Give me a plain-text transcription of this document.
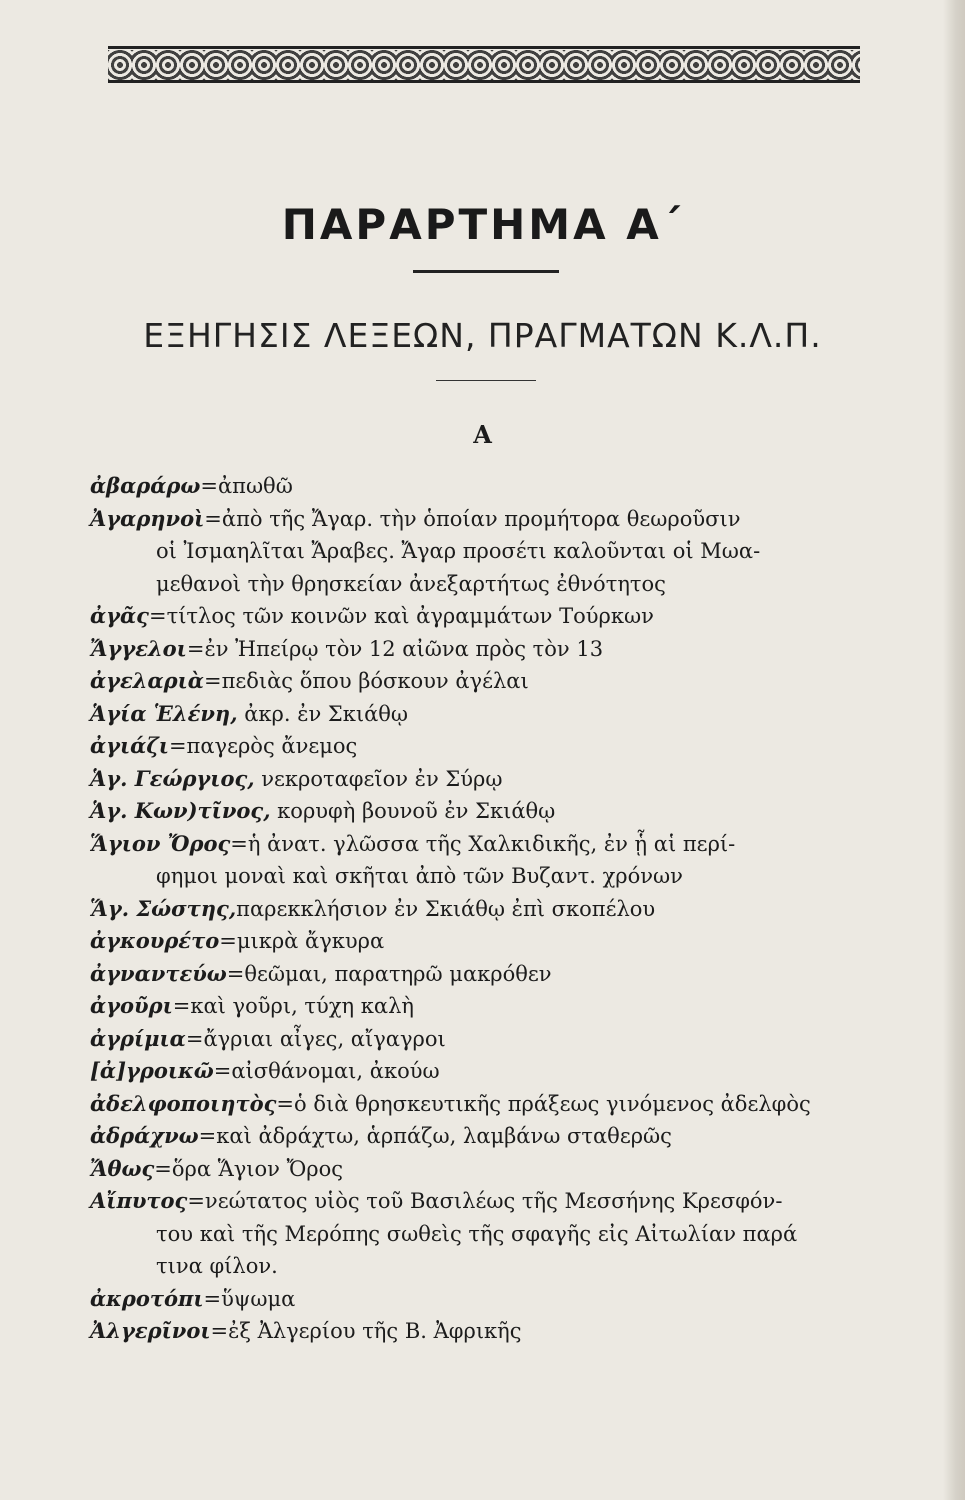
ΠΑΡΑΡΤΗΜΑ Α΄
ΕΞΗΓΗΣΙΣ ΛΕΞΕΩΝ, ΠΡΑΓΜΑΤΩΝ Κ.Λ.Π.
Α

ἀβαράρω=ἀπωθῶ

Ἀγαρηνοὶ=ἀπὸ τῆς Ἄγαρ. τὴν ὁποίαν προμήτορα θεωροῦσιν
οἱ Ἰσμαηλῖται Ἄραβες. Ἄγαρ προσέτι καλοῦνται οἱ Μωα-
μεθανοὶ τὴν θρησκείαν ἀνεξαρτήτως ἐθνότητος

ἀγᾶς=τίτλος τῶν κοινῶν καὶ ἀγραμμάτων Τούρκων

Ἄγγελοι=ἐν Ἠπείρῳ τὸν 12 αἰῶνα πρὸς τὸν 13

ἀγελαριὰ=πεδιὰς ὅπου βόσκουν ἀγέλαι

Ἁγία Ἑλένη, ἀκρ. ἐν Σκιάθῳ

ἀγιάζι=παγερὸς ἄνεμος

Ἁγ. Γεώργιος, νεκροταφεῖον ἐν Σύρῳ

Ἁγ. Κων)τῖνος, κορυφὴ βουνοῦ ἐν Σκιάθῳ

Ἅγιον Ὄρος=ἡ ἀνατ. γλῶσσα τῆς Χαλκιδικῆς, ἐν ᾗ αἱ περί-
φημοι μοναὶ καὶ σκῆται ἀπὸ τῶν Βυζαντ. χρόνων

Ἅγ. Σώστης,παρεκκλήσιον ἐν Σκιάθῳ ἐπὶ σκοπέλου

ἀγκουρέτο=μικρὰ ἄγκυρα

ἀγναντεύω=θεῶμαι, παρατηρῶ μακρόθεν

ἀγοῦρι=καὶ γοῦρι, τύχη καλὴ

ἀγρίμια=ἄγριαι αἶγες, αἴγαγροι

[ἀ]γροικῶ=αἰσθάνομαι, ἀκούω

ἀδελφοποιητὸς=ὁ διὰ θρησκευτικῆς πράξεως γινόμενος ἀδελφὸς

ἀδράχνω=καὶ ἀδράχτω, ἁρπάζω, λαμβάνω σταθερῶς

Ἄθως=ὅρα Ἅγιον Ὄρος

Αἴπυτος=νεώτατος υἱὸς τοῦ Βασιλέως τῆς Μεσσήνης Κρεσφόν-
του καὶ τῆς Μερόπης σωθεὶς τῆς σφαγῆς εἰς Αἰτωλίαν παρά
τινα φίλον.

ἀκροτόπι=ὕψωμα

Ἀλγερῖνοι=ἐξ Ἀλγερίου τῆς Β. Ἀφρικῆς
